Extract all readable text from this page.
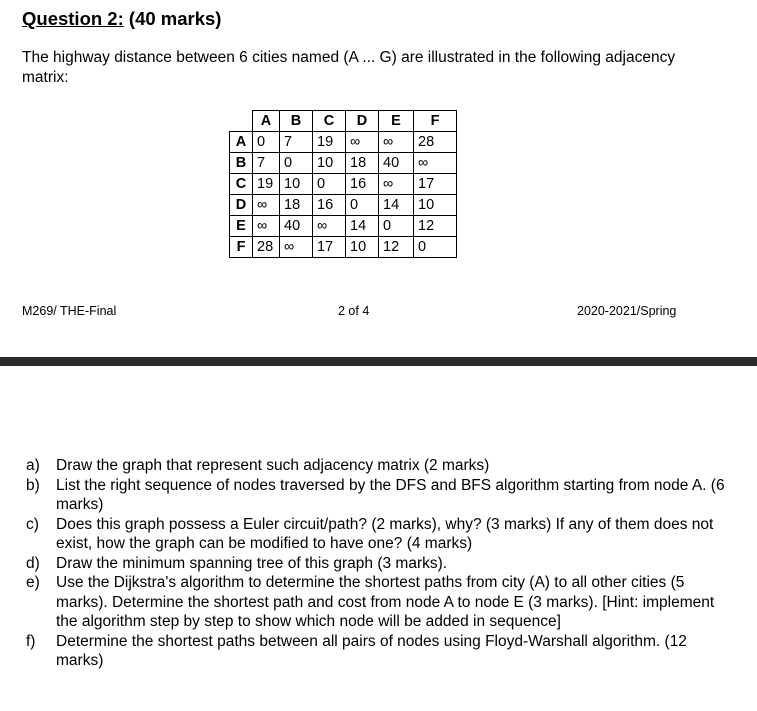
Question 2: (40 marks)
The highway distance between 6 cities named (A ... G) are illustrated in the following adjacency matrix:
	A	B	C	D	E	F
A	0	7	19	∞	∞	28
B	7	0	10	18	40	∞
C	19	10	0	16	∞	17
D	∞	18	16	0	14	10
E	∞	40	∞	14	0	12
F	28	∞	17	10	12	0
M269/ THE-Final	2 of 4	2020-2021/Spring
a) Draw the graph that represent such adjacency matrix (2 marks)
b) List the right sequence of nodes traversed by the DFS and BFS algorithm starting from node A. (6 marks)
c) Does this graph possess a Euler circuit/path? (2 marks), why? (3 marks) If any of them does not exist, how the graph can be modified to have one? (4 marks)
d) Draw the minimum spanning tree of this graph (3 marks).
e) Use the Dijkstra's algorithm to determine the shortest paths from city (A) to all other cities (5 marks). Determine the shortest path and cost from node A to node E (3 marks). [Hint: implement the algorithm step by step to show which node will be added in sequence]
f) Determine the shortest paths between all pairs of nodes using Floyd-Warshall algorithm. (12 marks)
